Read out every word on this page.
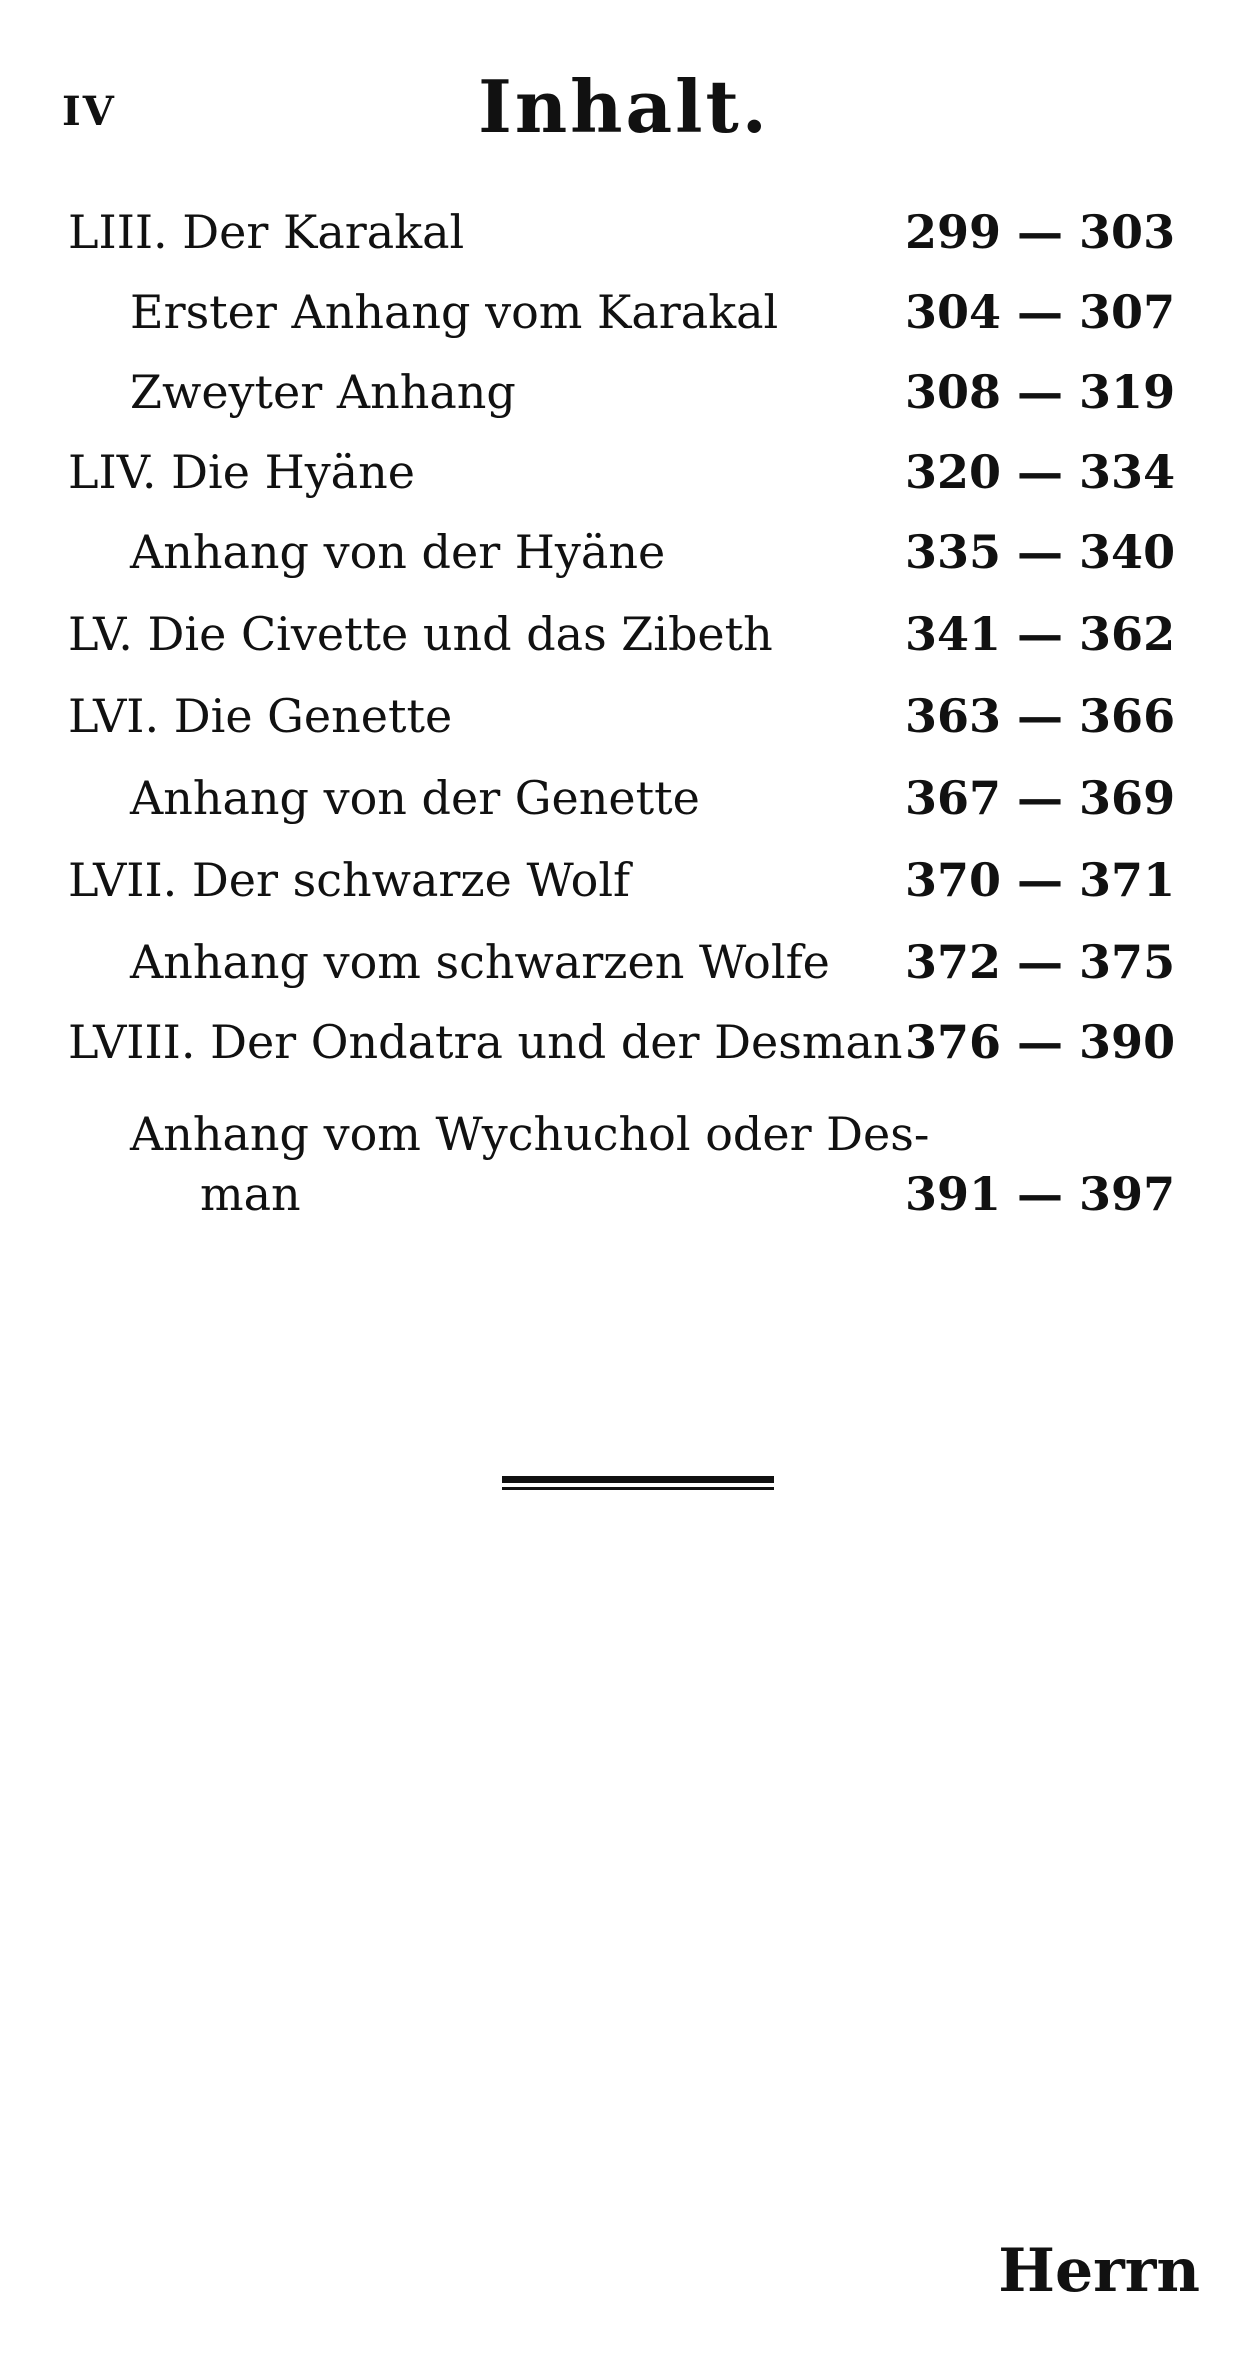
IV	Inhalt.
LIII. Der Karakal	299 — 303
Erster Anhang vom Karakal	304 — 307
Zweyter Anhang	308 — 319
LIV. Die Hyäne	320 — 334
Anhang von der Hyäne	335 — 340
LV. Die Civette und das Zibeth	341 — 362
LVI. Die Genette	363 — 366
Anhang von der Genette	367 — 369
LVII. Der schwarze Wolf	370 — 371
Anhang vom schwarzen Wolfe 372 — 375
LVIII. Der Ondatra und der Desman 376 — 390
Anhang vom Wychuchol oder Des-
man	391 — 397
Herrn
